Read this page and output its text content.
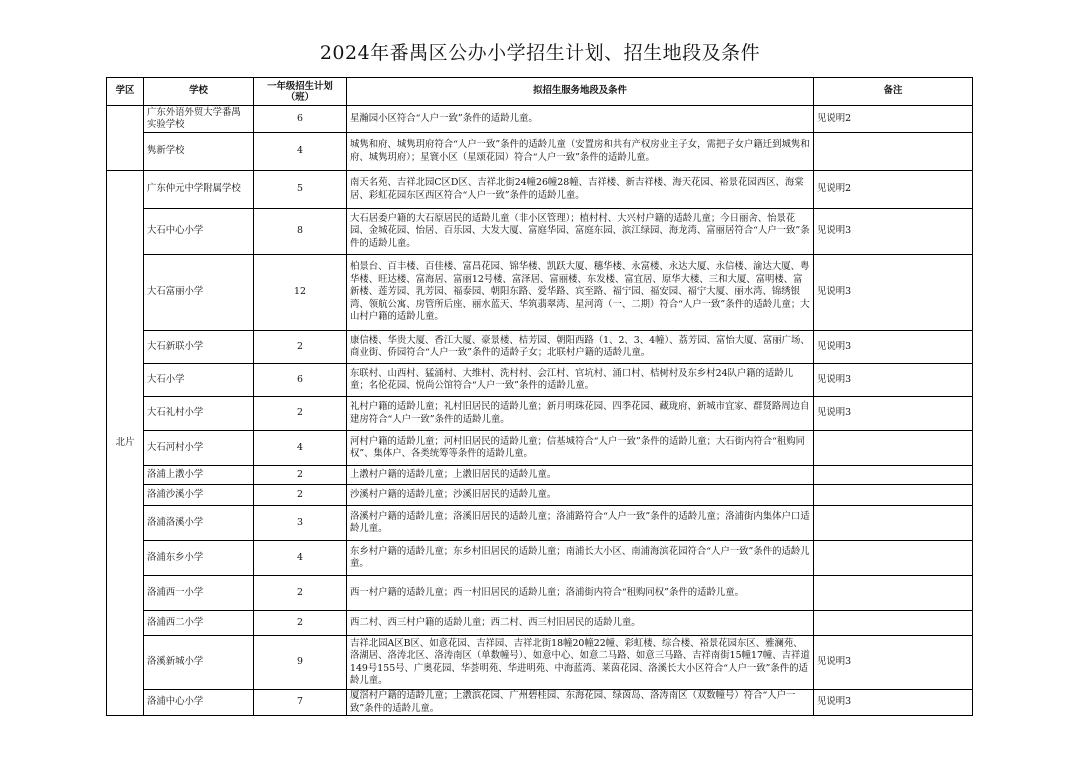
2024年番禺区公办小学招生计划、招生地段及条件
学区	学校	一年级招生计划（班）	拟招生服务地段及条件	备注
	广东外语外贸大学番禺实验学校	6	星瀚园小区符合“人户一致”条件的适龄儿童。	见说明2
	隽新学校	4	城隽和府、城隽玥府符合“人户一致”条件的适龄儿童（安置房和共有产权房业主子女，需把子女户籍迁到城隽和府、城隽玥府）；星寰小区（星颂花园）符合“人户一致”条件的适龄儿童。	
北片	广东仲元中学附属学校	5	南天名苑、吉祥北园C区D区、吉祥北街24幢26幢28幢、吉祥楼、新吉祥楼、海天花园、裕景花园西区、海棠居、彩虹花园东区西区符合“人户一致”条件的适龄儿童。	见说明2
	大石中心小学	8	大石居委户籍的大石原居民的适龄儿童（非小区管理）；植村村、大兴村户籍的适龄儿童；今日丽舍、怡景花园、金城花园、怡居、百乐园、大发大厦、富庭华园、富庭东园、滨江绿园、海龙湾、富丽居符合“人户一致”条件的适龄儿童。	见说明3
	大石富丽小学	12	柏景台、百丰楼、百佳楼、富昌花园、锦华楼、凯跃大厦、穗华楼、永富楼、永达大厦、永信楼、渝达大厦、粤华楼、旺达楼、富海居、富丽12号楼、富泽居、富丽楼、东发楼、富宜居、原华大楼、三和大厦、富明楼、富新楼、莲芳园、乳芳园、福泰园、朝阳东路、爱华路、宾至路、福宁园、福安园、福宁大厦、丽水湾、锦绣银湾、领航公寓、房管所后座、丽水蓝天、华筑翡翠湾、星河湾（一、二期）符合“人户一致”条件的适龄儿童；大山村户籍的适龄儿童。	见说明3
	大石新联小学	2	康信楼、华贵大厦、香江大厦、豪景楼、桔芳园、朝阳西路（1、2、3、4幢）、荔芳园、富怡大厦、富丽广场、商业街、侨园符合“人户一致”条件的适龄子女；北联村户籍的适龄儿童。	见说明3
	大石小学	6	东联村、山西村、猛涌村、大维村、洗村村、会江村、官坑村、涌口村、桔树村及东乡村24队户籍的适龄儿童；名伦花园、悦尚公馆符合“人户一致”条件的适龄儿童。	见说明3
	大石礼村小学	2	礼村户籍的适龄儿童；礼村旧居民的适龄儿童；新月明珠花园、四季花园、藏珑府、新城市宜家、群贤路周边自建房符合“人户一致”条件的适龄儿童。	见说明3
	大石河村小学	4	河村户籍的适龄儿童；河村旧居民的适龄儿童；信基城符合“人户一致”条件的适龄儿童；大石街内符合“租购同权”、集体户、各类统筹等条件的适龄儿童。	
	洛浦上漖小学	2	上漖村户籍的适龄儿童；上漖旧居民的适龄儿童。	
	洛浦沙溪小学	2	沙溪村户籍的适龄儿童；沙溪旧居民的适龄儿童。	
	洛浦洛溪小学	3	洛溪村户籍的适龄儿童；洛溪旧居民的适龄儿童；洛浦路符合“人户一致”条件的适龄儿童；洛浦街内集体户口适龄儿童。	
	洛浦东乡小学	4	东乡村户籍的适龄儿童；东乡村旧居民的适龄儿童；南浦长大小区、南浦海滨花园符合“人户一致”条件的适龄儿童。	
	洛浦西一小学	2	西一村户籍的适龄儿童；西一村旧居民的适龄儿童；洛浦街内符合“租购同权”条件的适龄儿童。	
	洛浦西二小学	2	西二村、西三村户籍的适龄儿童；西二村、西三村旧居民的适龄儿童。	
	洛溪新城小学	9	吉祥北园A区B区、如意花园、吉祥园、吉祥北街18幢20幢22幢、彩虹楼、综合楼、裕景花园东区、雅澜苑、洛湖居、洛涛北区、洛涛南区（单数幢号）、如意中心、如意二马路、如意三马路、吉祥南街15幢17幢、吉祥道149号155号、广奥花园、华荟明苑、华进明苑、中海蓝湾、莱茵花园、洛溪长大小区符合“人户一致”条件的适龄儿童。	见说明3
	洛浦中心小学	7	厦滘村户籍的适龄儿童；上漖滨花园、广州碧桂园、东海花园、绿茵岛、洛涛南区（双数幢号）符合“人户一致”条件的适龄儿童。	见说明3
